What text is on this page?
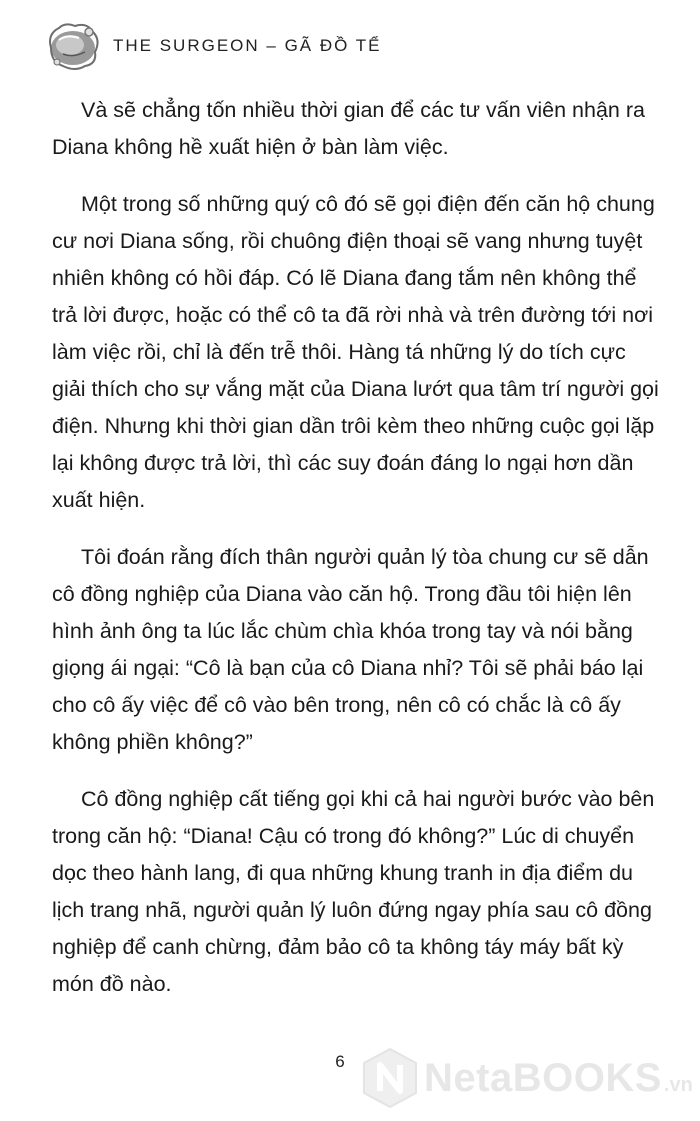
THE SURGEON – GÃ ĐỒ TỂ

Và sẽ chẳng tốn nhiều thời gian để các tư vấn viên nhận ra Diana không hề xuất hiện ở bàn làm việc.

Một trong số những quý cô đó sẽ gọi điện đến căn hộ chung cư nơi Diana sống, rồi chuông điện thoại sẽ vang nhưng tuyệt nhiên không có hồi đáp. Có lẽ Diana đang tắm nên không thể trả lời được, hoặc có thể cô ta đã rời nhà và trên đường tới nơi làm việc rồi, chỉ là đến trễ thôi. Hàng tá những lý do tích cực giải thích cho sự vắng mặt của Diana lướt qua tâm trí người gọi điện. Nhưng khi thời gian dần trôi kèm theo những cuộc gọi lặp lại không được trả lời, thì các suy đoán đáng lo ngại hơn dần xuất hiện.

Tôi đoán rằng đích thân người quản lý tòa chung cư sẽ dẫn cô đồng nghiệp của Diana vào căn hộ. Trong đầu tôi hiện lên hình ảnh ông ta lúc lắc chùm chìa khóa trong tay và nói bằng giọng ái ngại: “Cô là bạn của cô Diana nhỉ? Tôi sẽ phải báo lại cho cô ấy việc để cô vào bên trong, nên cô có chắc là cô ấy không phiền không?”

Cô đồng nghiệp cất tiếng gọi khi cả hai người bước vào bên trong căn hộ: “Diana! Cậu có trong đó không?” Lúc di chuyển dọc theo hành lang, đi qua những khung tranh in địa điểm du lịch trang nhã, người quản lý luôn đứng ngay phía sau cô đồng nghiệp để canh chừng, đảm bảo cô ta không táy máy bất kỳ món đồ nào.

6	NetaBOOKS .vn
